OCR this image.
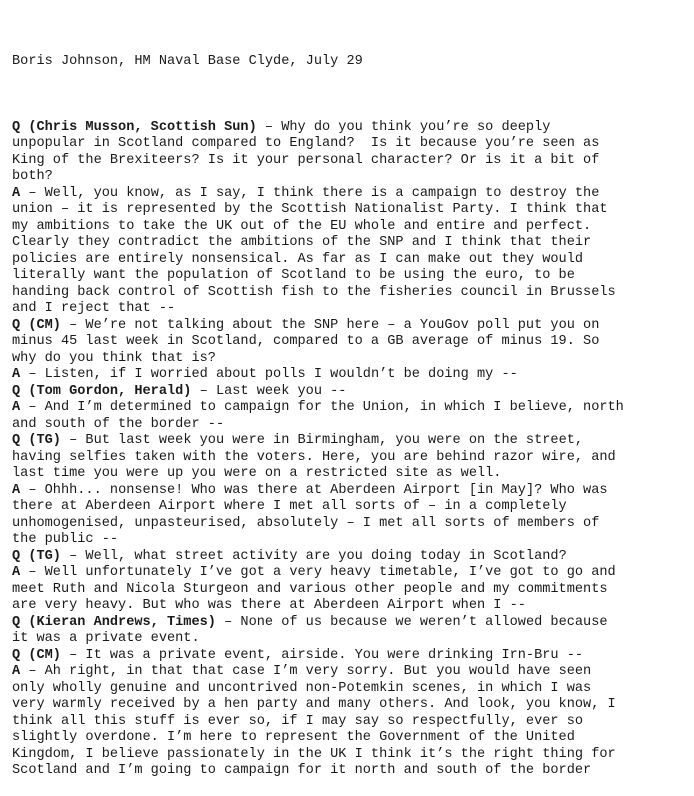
Boris Johnson, HM Naval Base Clyde, July 29

Q (Chris Musson, Scottish Sun) – Why do you think you’re so deeply
unpopular in Scotland compared to England?  Is it because you’re seen as
King of the Brexiteers? Is it your personal character? Or is it a bit of
both?
A – Well, you know, as I say, I think there is a campaign to destroy the
union – it is represented by the Scottish Nationalist Party. I think that
my ambitions to take the UK out of the EU whole and entire and perfect.
Clearly they contradict the ambitions of the SNP and I think that their
policies are entirely nonsensical. As far as I can make out they would
literally want the population of Scotland to be using the euro, to be
handing back control of Scottish fish to the fisheries council in Brussels
and I reject that --
Q (CM) – We’re not talking about the SNP here – a YouGov poll put you on
minus 45 last week in Scotland, compared to a GB average of minus 19. So
why do you think that is?
A – Listen, if I worried about polls I wouldn’t be doing my --
Q (Tom Gordon, Herald) – Last week you --
A – And I’m determined to campaign for the Union, in which I believe, north
and south of the border --
Q (TG) – But last week you were in Birmingham, you were on the street,
having selfies taken with the voters. Here, you are behind razor wire, and
last time you were up you were on a restricted site as well.
A – Ohhh... nonsense! Who was there at Aberdeen Airport [in May]? Who was
there at Aberdeen Airport where I met all sorts of – in a completely
unhomogenised, unpasteurised, absolutely – I met all sorts of members of
the public --
Q (TG) – Well, what street activity are you doing today in Scotland?
A – Well unfortunately I’ve got a very heavy timetable, I’ve got to go and
meet Ruth and Nicola Sturgeon and various other people and my commitments
are very heavy. But who was there at Aberdeen Airport when I --
Q (Kieran Andrews, Times) – None of us because we weren’t allowed because
it was a private event.
Q (CM) – It was a private event, airside. You were drinking Irn-Bru --
A – Ah right, in that that case I’m very sorry. But you would have seen
only wholly genuine and uncontrived non-Potemkin scenes, in which I was
very warmly received by a hen party and many others. And look, you know, I
think all this stuff is ever so, if I may say so respectfully, ever so
slightly overdone. I’m here to represent the Government of the United
Kingdom, I believe passionately in the UK I think it’s the right thing for
Scotland and I’m going to campaign for it north and south of the border
